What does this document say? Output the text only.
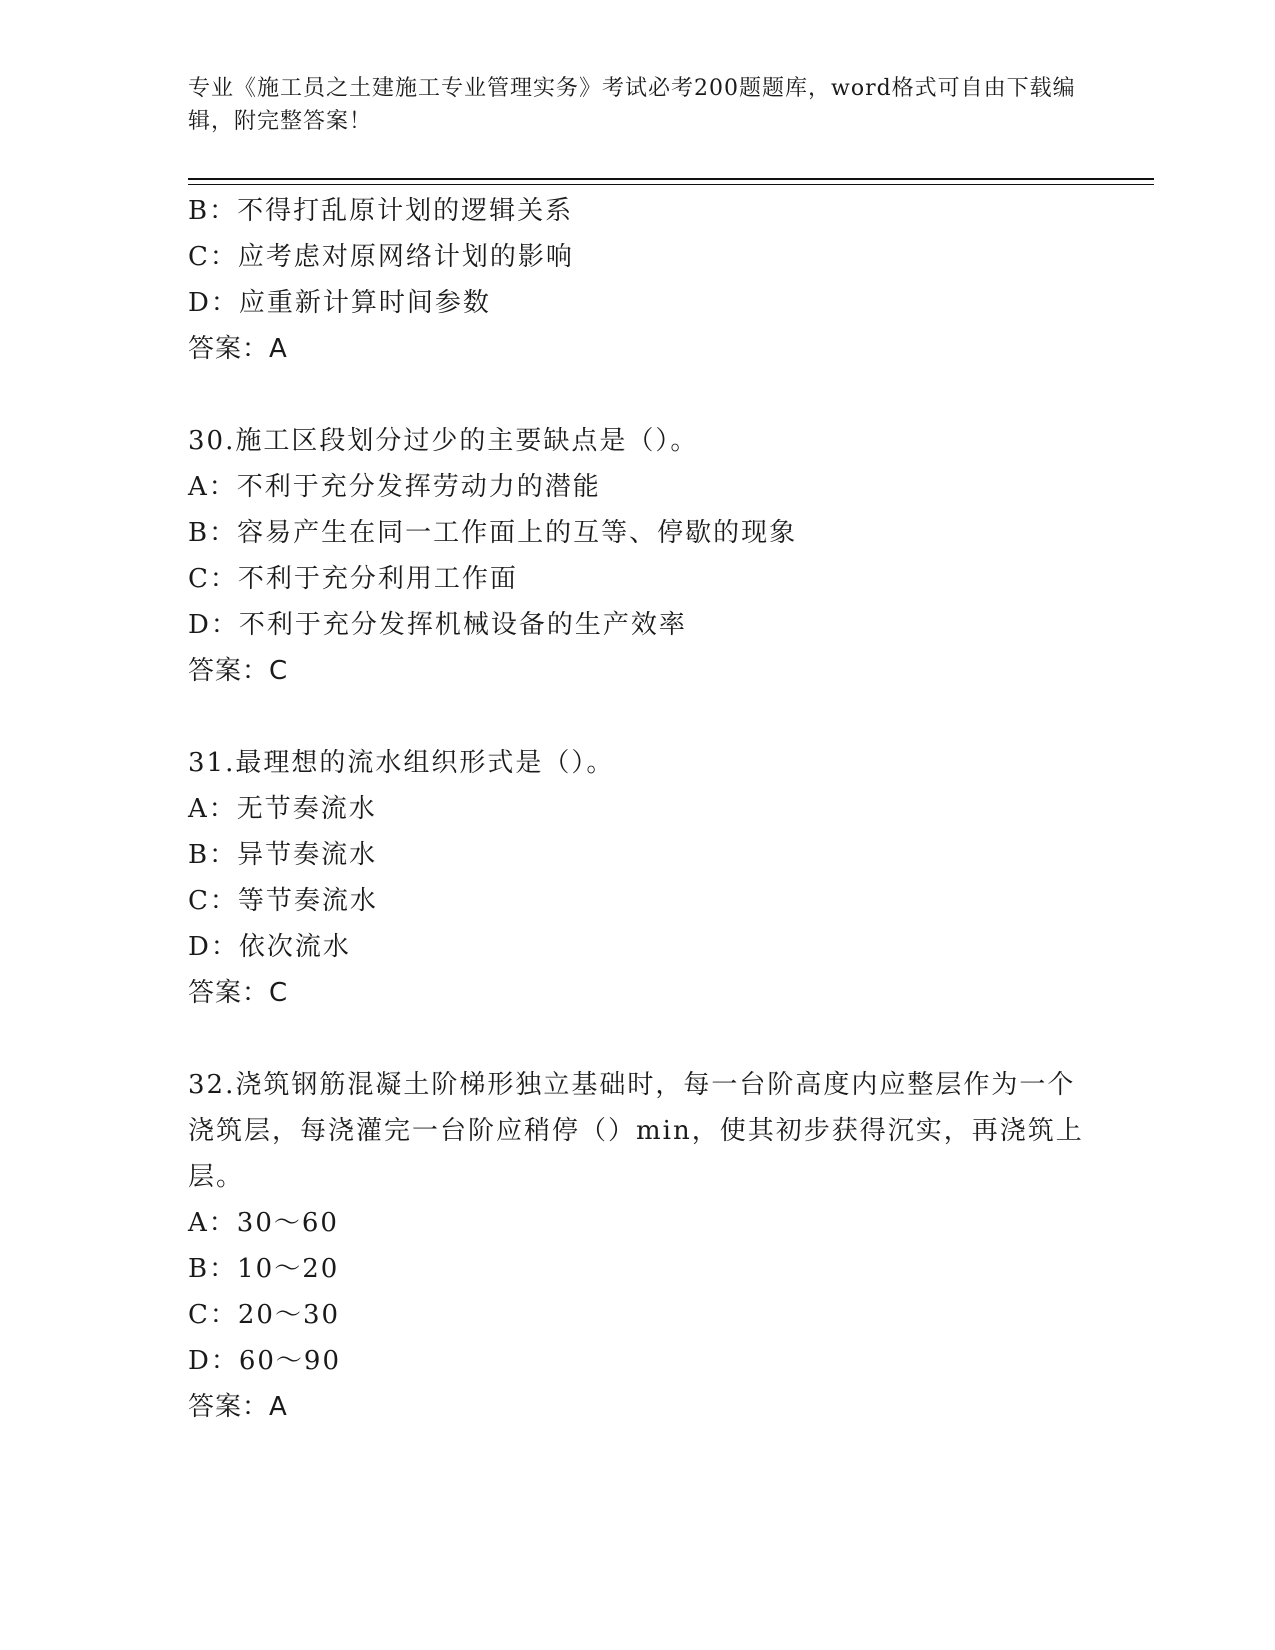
专业《施工员之土建施工专业管理实务》考试必考200题题库，word格式可自由下载编辑，附完整答案！
B：不得打乱原计划的逻辑关系
C：应考虑对原网络计划的影响
D：应重新计算时间参数
答案：A
30.施工区段划分过少的主要缺点是（）。
A：不利于充分发挥劳动力的潜能
B：容易产生在同一工作面上的互等、停歇的现象
C：不利于充分利用工作面
D：不利于充分发挥机械设备的生产效率
答案：C
31.最理想的流水组织形式是（）。
A：无节奏流水
B：异节奏流水
C：等节奏流水
D：依次流水
答案：C
32.浇筑钢筋混凝土阶梯形独立基础时，每一台阶高度内应整层作为一个浇筑层，每浇灌完一台阶应稍停（）min，使其初步获得沉实，再浇筑上层。
A：30～60
B：10～20
C：20～30
D：60～90
答案：A
